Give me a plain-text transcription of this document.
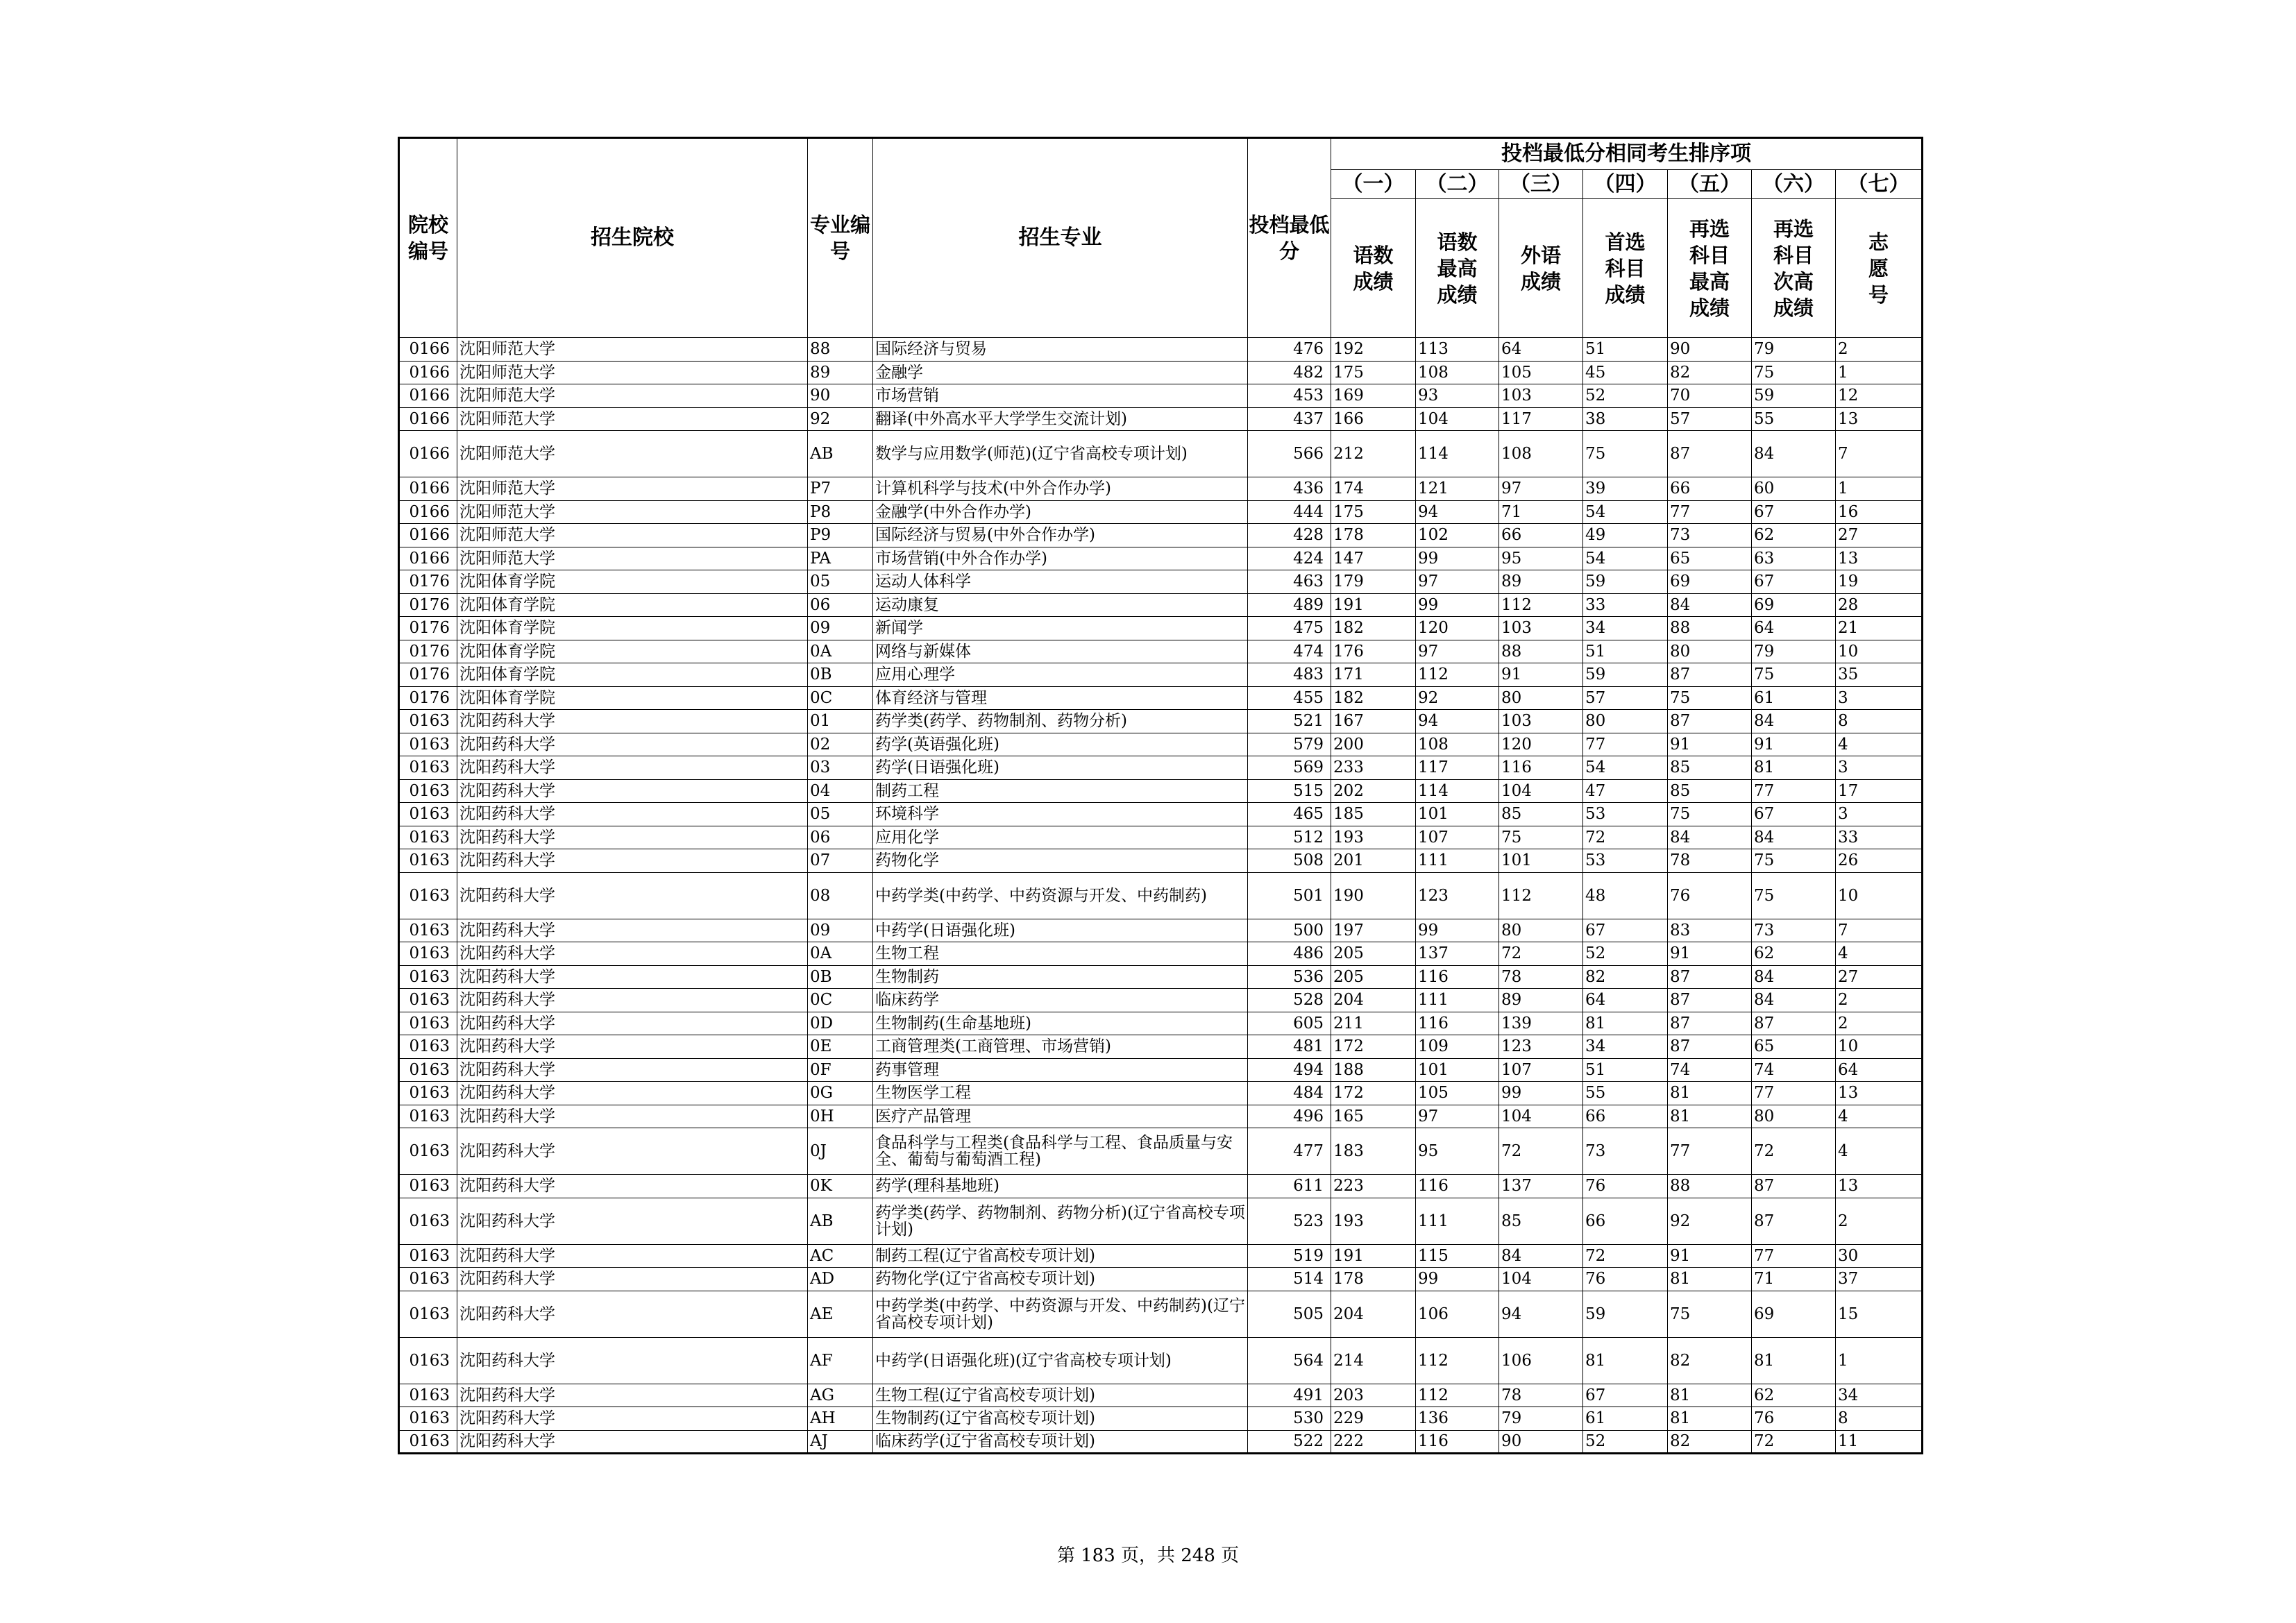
院校编号	招生院校	专业编号	招生专业	投档最低分	投档最低分相同考生排序项						
					（一）	（二）	（三）	（四）	（五）	（六）	（七）
					语数成绩	语数最高成绩	外语成绩	首选科目成绩	再选科目最高成绩	再选科目次高成绩	志愿号
0166	沈阳师范大学	88	国际经济与贸易	476	192	113	64	51	90	79	2
0166	沈阳师范大学	89	金融学	482	175	108	105	45	82	75	1
0166	沈阳师范大学	90	市场营销	453	169	93	103	52	70	59	12
0166	沈阳师范大学	92	翻译(中外高水平大学学生交流计划)	437	166	104	117	38	57	55	13
0166	沈阳师范大学	AB	数学与应用数学(师范)(辽宁省高校专项计划)	566	212	114	108	75	87	84	7
0166	沈阳师范大学	P7	计算机科学与技术(中外合作办学)	436	174	121	97	39	66	60	1
0166	沈阳师范大学	P8	金融学(中外合作办学)	444	175	94	71	54	77	67	16
0166	沈阳师范大学	P9	国际经济与贸易(中外合作办学)	428	178	102	66	49	73	62	27
0166	沈阳师范大学	PA	市场营销(中外合作办学)	424	147	99	95	54	65	63	13
0176	沈阳体育学院	05	运动人体科学	463	179	97	89	59	69	67	19
0176	沈阳体育学院	06	运动康复	489	191	99	112	33	84	69	28
0176	沈阳体育学院	09	新闻学	475	182	120	103	34	88	64	21
0176	沈阳体育学院	0A	网络与新媒体	474	176	97	88	51	80	79	10
0176	沈阳体育学院	0B	应用心理学	483	171	112	91	59	87	75	35
0176	沈阳体育学院	0C	体育经济与管理	455	182	92	80	57	75	61	3
0163	沈阳药科大学	01	药学类(药学、药物制剂、药物分析)	521	167	94	103	80	87	84	8
0163	沈阳药科大学	02	药学(英语强化班)	579	200	108	120	77	91	91	4
0163	沈阳药科大学	03	药学(日语强化班)	569	233	117	116	54	85	81	3
0163	沈阳药科大学	04	制药工程	515	202	114	104	47	85	77	17
0163	沈阳药科大学	05	环境科学	465	185	101	85	53	75	67	3
0163	沈阳药科大学	06	应用化学	512	193	107	75	72	84	84	33
0163	沈阳药科大学	07	药物化学	508	201	111	101	53	78	75	26
0163	沈阳药科大学	08	中药学类(中药学、中药资源与开发、中药制药)	501	190	123	112	48	76	75	10
0163	沈阳药科大学	09	中药学(日语强化班)	500	197	99	80	67	83	73	7
0163	沈阳药科大学	0A	生物工程	486	205	137	72	52	91	62	4
0163	沈阳药科大学	0B	生物制药	536	205	116	78	82	87	84	27
0163	沈阳药科大学	0C	临床药学	528	204	111	89	64	87	84	2
0163	沈阳药科大学	0D	生物制药(生命基地班)	605	211	116	139	81	87	87	2
0163	沈阳药科大学	0E	工商管理类(工商管理、市场营销)	481	172	109	123	34	87	65	10
0163	沈阳药科大学	0F	药事管理	494	188	101	107	51	74	74	64
0163	沈阳药科大学	0G	生物医学工程	484	172	105	99	55	81	77	13
0163	沈阳药科大学	0H	医疗产品管理	496	165	97	104	66	81	80	4
0163	沈阳药科大学	0J	食品科学与工程类(食品科学与工程、食品质量与安全、葡萄与葡萄酒工程)	477	183	95	72	73	77	72	4
0163	沈阳药科大学	0K	药学(理科基地班)	611	223	116	137	76	88	87	13
0163	沈阳药科大学	AB	药学类(药学、药物制剂、药物分析)(辽宁省高校专项计划)	523	193	111	85	66	92	87	2
0163	沈阳药科大学	AC	制药工程(辽宁省高校专项计划)	519	191	115	84	72	91	77	30
0163	沈阳药科大学	AD	药物化学(辽宁省高校专项计划)	514	178	99	104	76	81	71	37
0163	沈阳药科大学	AE	中药学类(中药学、中药资源与开发、中药制药)(辽宁省高校专项计划)	505	204	106	94	59	75	69	15
0163	沈阳药科大学	AF	中药学(日语强化班)(辽宁省高校专项计划)	564	214	112	106	81	82	81	1
0163	沈阳药科大学	AG	生物工程(辽宁省高校专项计划)	491	203	112	78	67	81	62	34
0163	沈阳药科大学	AH	生物制药(辽宁省高校专项计划)	530	229	136	79	61	81	76	8
0163	沈阳药科大学	AJ	临床药学(辽宁省高校专项计划)	522	222	116	90	52	82	72	11
第 183 页，共 248 页
